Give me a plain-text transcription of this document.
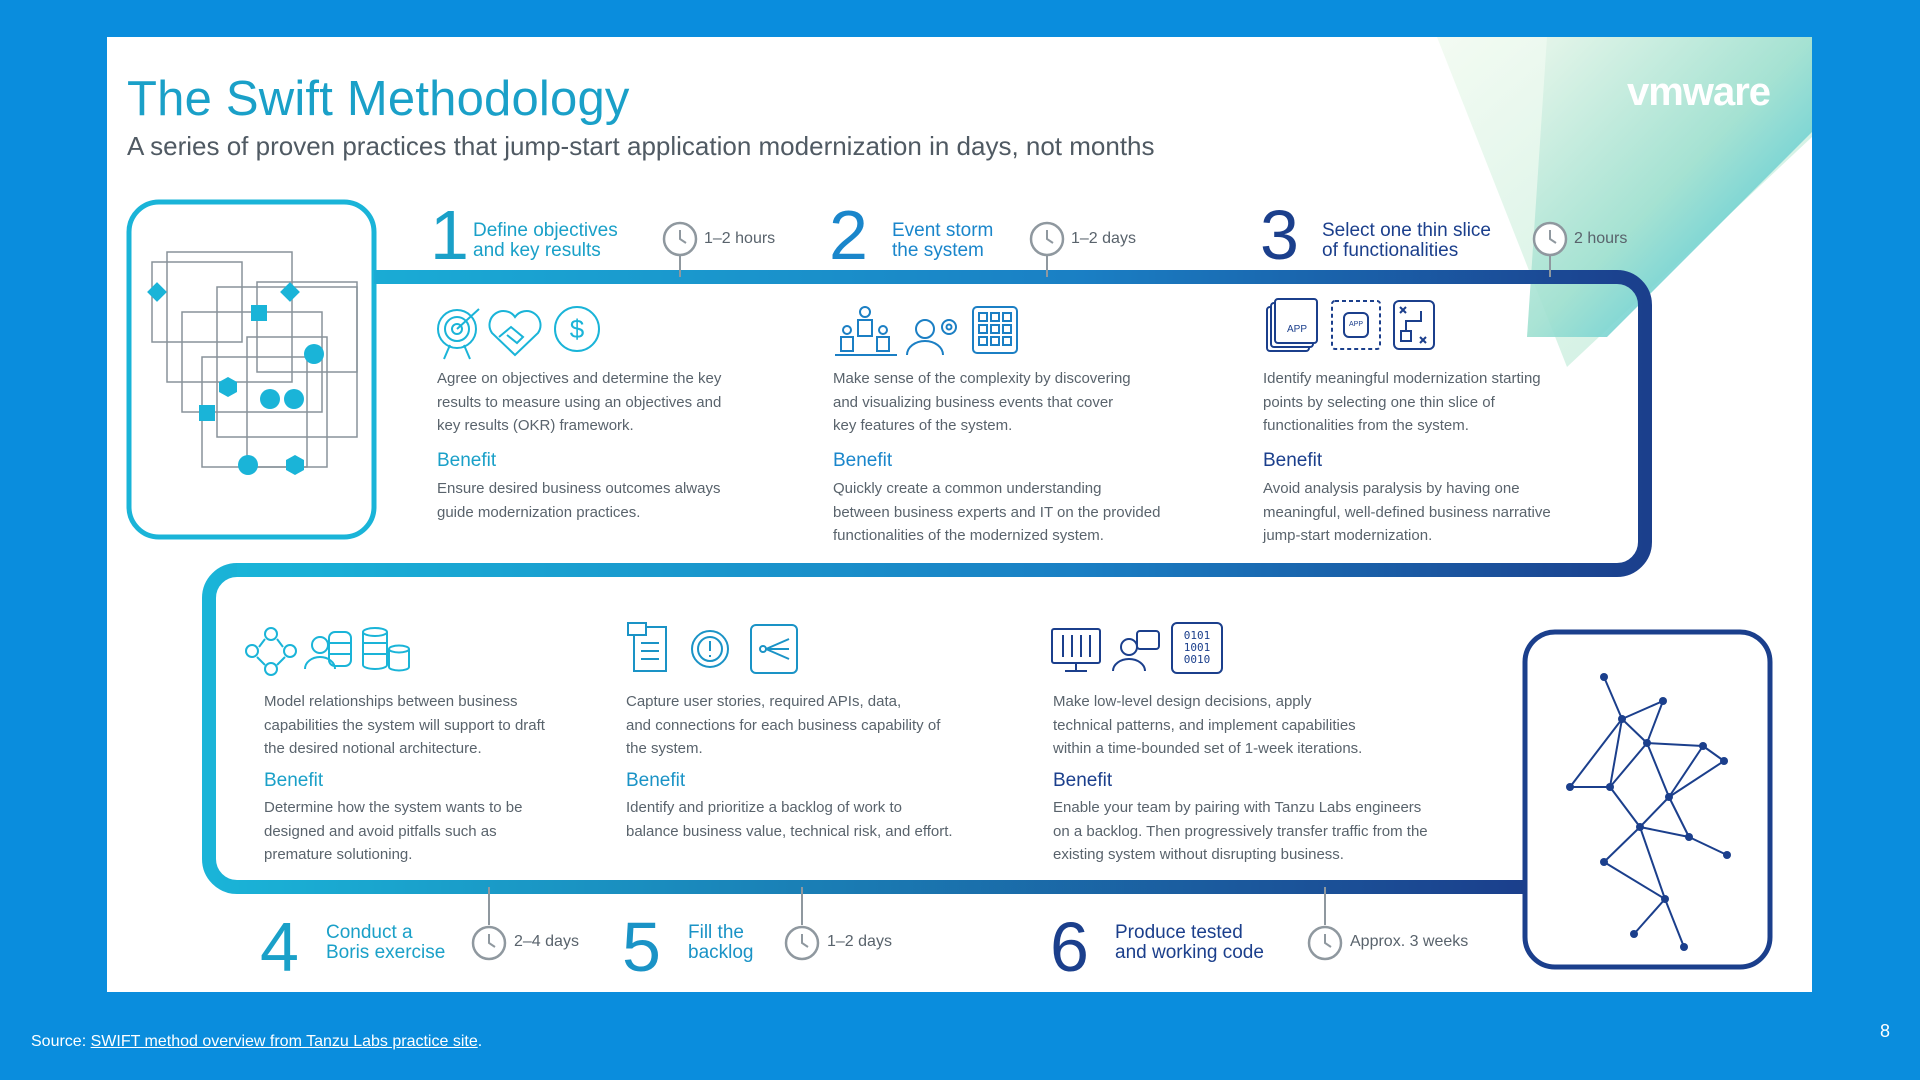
$	APP	APP
0101
1001
0010
The Swift Methodology
A series of proven practices that jump-start application modernization in days, not months
vmware
1 Define objectives
and key results
1–2 hours
Agree on objectives and determine the key
results to measure using an objectives and
key results (OKR) framework.
Benefit
Ensure desired business outcomes always
guide modernization practices.
2 Event storm
the system
1–2 days
Make sense of the complexity by discovering
and visualizing business events that cover
key features of the system.
Benefit
Quickly create a common understanding
between business experts and IT on the provided
functionalities of the modernized system.
3 Select one thin slice
of functionalities
2 hours
Identify meaningful modernization starting
points by selecting one thin slice of
functionalities from the system.
Benefit
Avoid analysis paralysis by having one
meaningful, well-defined business narrative
jump-start modernization.
4 Conduct a
Boris exercise
2–4 days
Model relationships between business
capabilities the system will support to draft
the desired notional architecture.
Benefit
Determine how the system wants to be
designed and avoid pitfalls such as
premature solutioning.
5 Fill the
backlog
1–2 days
Capture user stories, required APIs, data,
and connections for each business capability of
the system.
Benefit
Identify and prioritize a backlog of work to
balance business value, technical risk, and effort.
6 Produce tested
and working code
Approx. 3 weeks
Make low-level design decisions, apply
technical patterns, and implement capabilities
within a time-bounded set of 1-week iterations.
Benefit
Enable your team by pairing with Tanzu Labs engineers
on a backlog. Then progressively transfer traffic from the
existing system without disrupting business.
Source: SWIFT method overview from Tanzu Labs practice site.
8
